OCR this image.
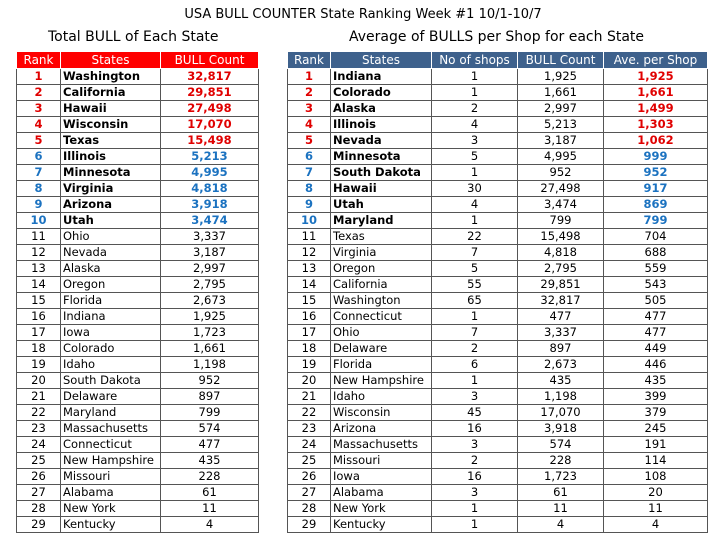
USA BULL COUNTER State Ranking Week #1 10/1-10/7
Total BULL of Each State	Average of BULLS per Shop for each State
Rank	States	BULL Count
1	Washington	32,817
2	California	29,851
3	Hawaii	27,498
4	Wisconsin	17,070
5	Texas	15,498
6	Illinois	5,213
7	Minnesota	4,995
8	Virginia	4,818
9	Arizona	3,918
10	Utah	3,474
11	Ohio	3,337
12	Nevada	3,187
13	Alaska	2,997
14	Oregon	2,795
15	Florida	2,673
16	Indiana	1,925
17	Iowa	1,723
18	Colorado	1,661
19	Idaho	1,198
20	South Dakota	952
21	Delaware	897
22	Maryland	799
23	Massachusetts	574
24	Connecticut	477
25	New Hampshire	435
26	Missouri	228
27	Alabama	61
28	New York	11
29	Kentucky	4
Rank	States	No of shops	BULL Count	Ave. per Shop
1	Indiana	1	1,925	1,925
2	Colorado	1	1,661	1,661
3	Alaska	2	2,997	1,499
4	Illinois	4	5,213	1,303
5	Nevada	3	3,187	1,062
6	Minnesota	5	4,995	999
7	South Dakota	1	952	952
8	Hawaii	30	27,498	917
9	Utah	4	3,474	869
10	Maryland	1	799	799
11	Texas	22	15,498	704
12	Virginia	7	4,818	688
13	Oregon	5	2,795	559
14	California	55	29,851	543
15	Washington	65	32,817	505
16	Connecticut	1	477	477
17	Ohio	7	3,337	477
18	Delaware	2	897	449
19	Florida	6	2,673	446
20	New Hampshire	1	435	435
21	Idaho	3	1,198	399
22	Wisconsin	45	17,070	379
23	Arizona	16	3,918	245
24	Massachusetts	3	574	191
25	Missouri	2	228	114
26	Iowa	16	1,723	108
27	Alabama	3	61	20
28	New York	1	11	11
29	Kentucky	1	4	4
